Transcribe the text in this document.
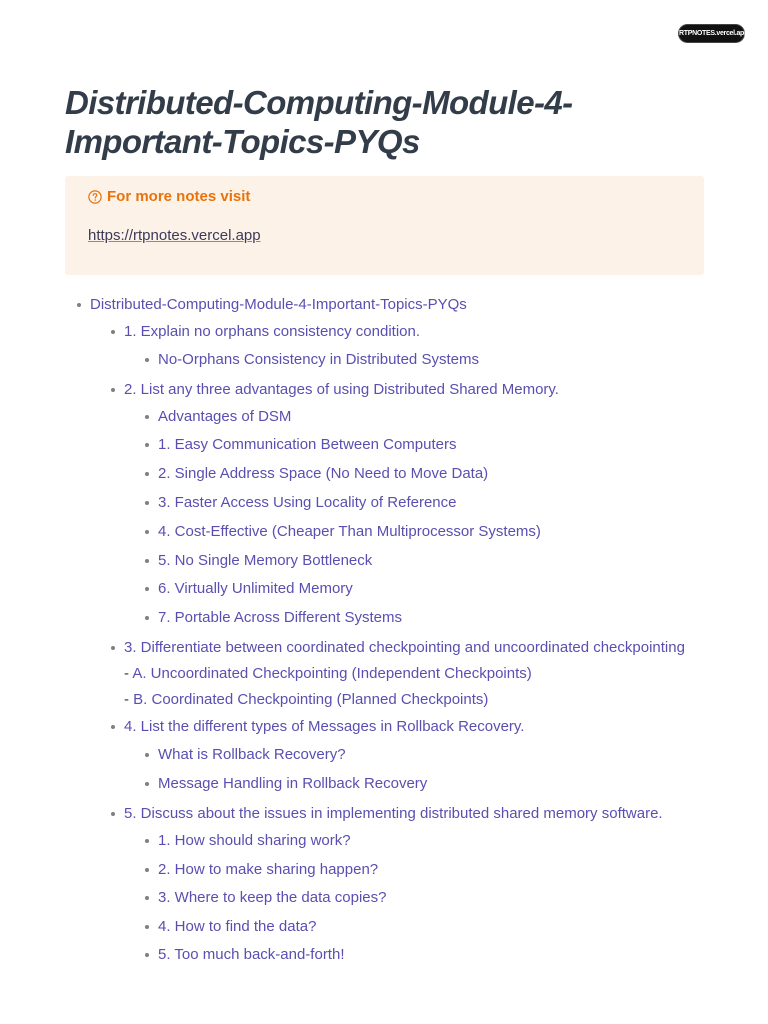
RTPNOTES.vercel.app
Distributed-Computing-Module-4-Important-Topics-PYQs
For more notes visit
https://rtpnotes.vercel.app
Distributed-Computing-Module-4-Important-Topics-PYQs
1. Explain no orphans consistency condition.
No-Orphans Consistency in Distributed Systems
2. List any three advantages of using Distributed Shared Memory.
Advantages of DSM
1. Easy Communication Between Computers
2. Single Address Space (No Need to Move Data)
3. Faster Access Using Locality of Reference
4. Cost-Effective (Cheaper Than Multiprocessor Systems)
5. No Single Memory Bottleneck
6. Virtually Unlimited Memory
7. Portable Across Different Systems
3. Differentiate between coordinated checkpointing and uncoordinated checkpointing
- A. Uncoordinated Checkpointing (Independent Checkpoints)
- B. Coordinated Checkpointing (Planned Checkpoints)
4. List the different types of Messages in Rollback Recovery.
What is Rollback Recovery?
Message Handling in Rollback Recovery
5. Discuss about the issues in implementing distributed shared memory software.
1. How should sharing work?
2. How to make sharing happen?
3. Where to keep the data copies?
4. How to find the data?
5. Too much back-and-forth!
